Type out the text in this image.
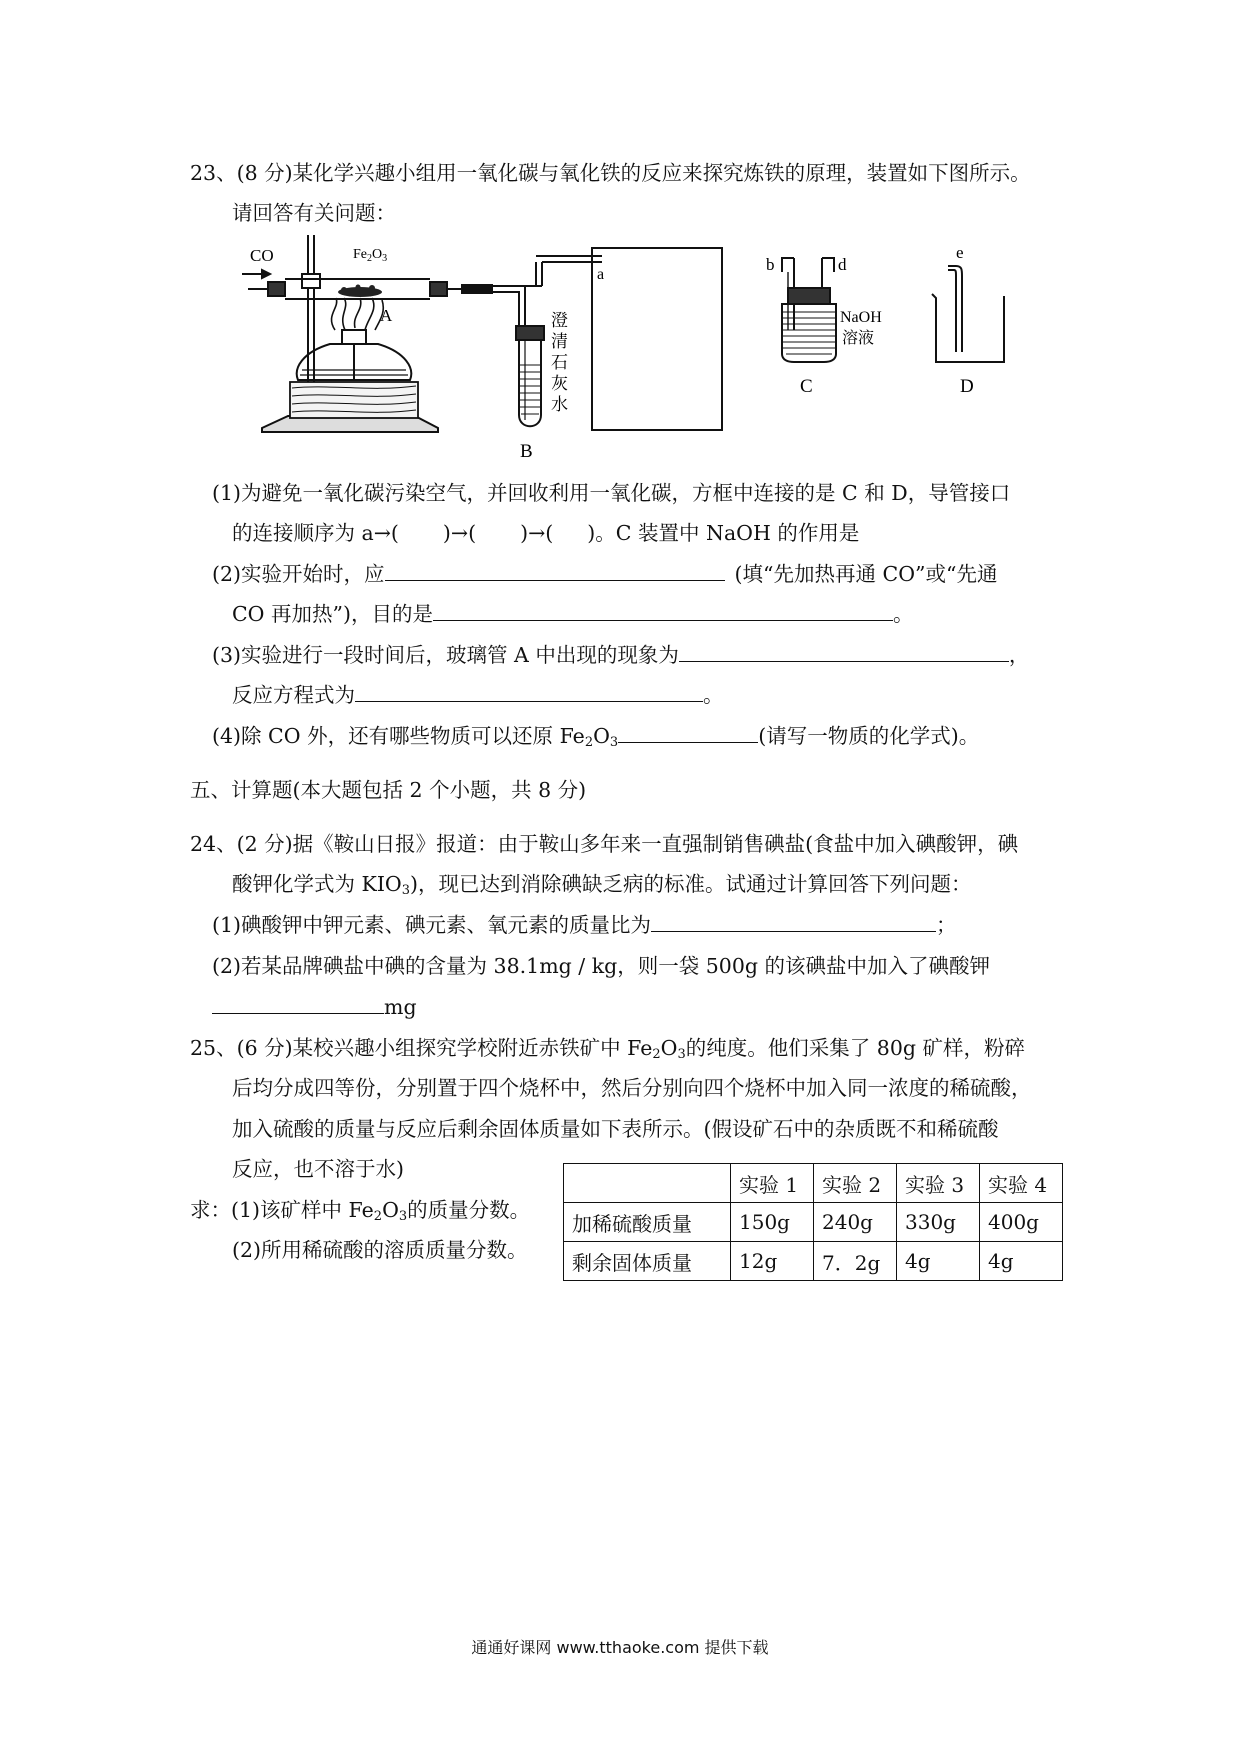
23、(8 分)某化学兴趣小组用一氧化碳与氧化铁的反应来探究炼铁的原理，装置如下图所示。
请回答有关问题：
CO	$Fe_2O_3$
A
B
澄
清
石
灰
水
a
b	d
NaOH
溶液
C
e
D
(1)为避免一氧化碳污染空气，并回收利用一氧化碳，方框中连接的是 C 和 D，导管接口
的连接顺序为 a→( )→( )→( )。C 装置中 NaOH 的作用是
(2)实验开始时，应	(填“先加热再通 CO”或“先通
CO 再加热”)，目的是	。
(3)实验进行一段时间后，玻璃管 A 中出现的现象为	，
反应方程式为	。
(4)除 CO 外，还有哪些物质可以还原 $Fe_2O_3$	(请写一物质的化学式)。
五、计算题(本大题包括 2 个小题，共 8 分)
24、(2 分)据《鞍山日报》报道：由于鞍山多年来一直强制销售碘盐(食盐中加入碘酸钾，碘
酸钾化学式为 $KIO_3$)，现已达到消除碘缺乏病的标准。试通过计算回答下列问题：
(1)碘酸钾中钾元素、碘元素、氧元素的质量比为	；
(2)若某品牌碘盐中碘的含量为 38.1mg / kg，则一袋 500g 的该碘盐中加入了碘酸钾
mg
25、(6 分)某校兴趣小组探究学校附近赤铁矿中 $Fe_2O_3$的纯度。他们采集了 80g 矿样，粉碎
后均分成四等份，分别置于四个烧杯中，然后分别向四个烧杯中加入同一浓度的稀硫酸，
加入硫酸的质量与反应后剩余固体质量如下表所示。(假设矿石中的杂质既不和稀硫酸
反应，也不溶于水)
求：(1)该矿样中 $Fe_2O_3$的质量分数。
(2)所用稀硫酸的溶质质量分数。
	实验 1	实验 2	实验 3	实验 4
加稀硫酸质量	150g	240g	330g	400g
剩余固体质量	12g	7．2g	4g	4g
通通好课网 www.tthaoke.com 提供下载
